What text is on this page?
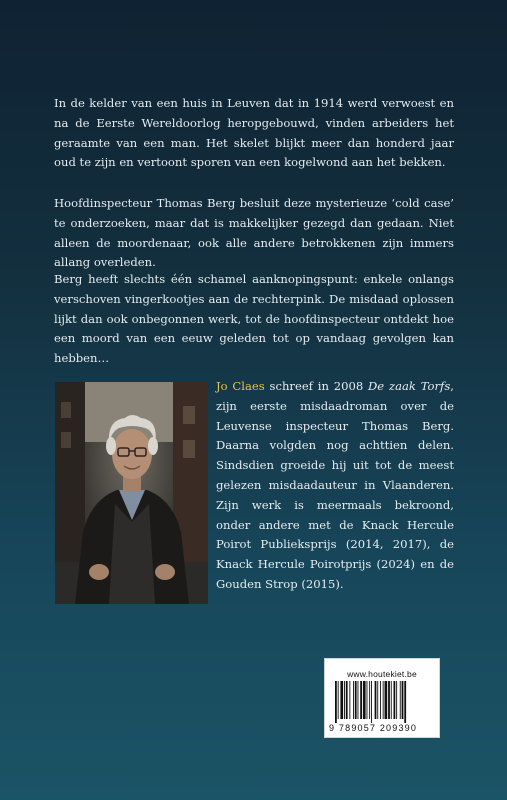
In de kelder van een huis in Leuven dat in 1914 werd verwoest en na de Eerste Wereldoorlog heropgebouwd, vinden arbeiders het geraamte van een man. Het skelet blijkt meer dan honderd jaar oud te zijn en vertoont sporen van een kogelwond aan het bekken.

Hoofdinspecteur Thomas Berg besluit deze mysterieuze ‘cold case’ te onderzoeken, maar dat is makkelijker gezegd dan gedaan. Niet alleen de moordenaar, ook alle andere betrokkenen zijn immers allang overleden.

Berg heeft slechts één schamel aanknopingspunt: enkele onlangs verschoven vingerkootjes aan de rechterpink. De misdaad oplossen lijkt dan ook onbegonnen werk, tot de hoofdinspecteur ontdekt hoe een moord van een eeuw geleden tot op vandaag gevolgen kan hebben…

Jo Claes schreef in 2008 De zaak Torfs, zijn eerste misdaadroman over de Leuvense inspecteur Thomas Berg. Daarna volgden nog achttien delen. Sindsdien groeide hij uit tot de meest gelezen misdaadauteur in Vlaanderen. Zijn werk is meermaals bekroond, onder andere met de Knack Hercule Poirot Publieksprijs (2014, 2017), de Knack Hercule Poirotprijs (2024) en de Gouden Strop (2015).

www.houtekiet.be
9 789057 209390
